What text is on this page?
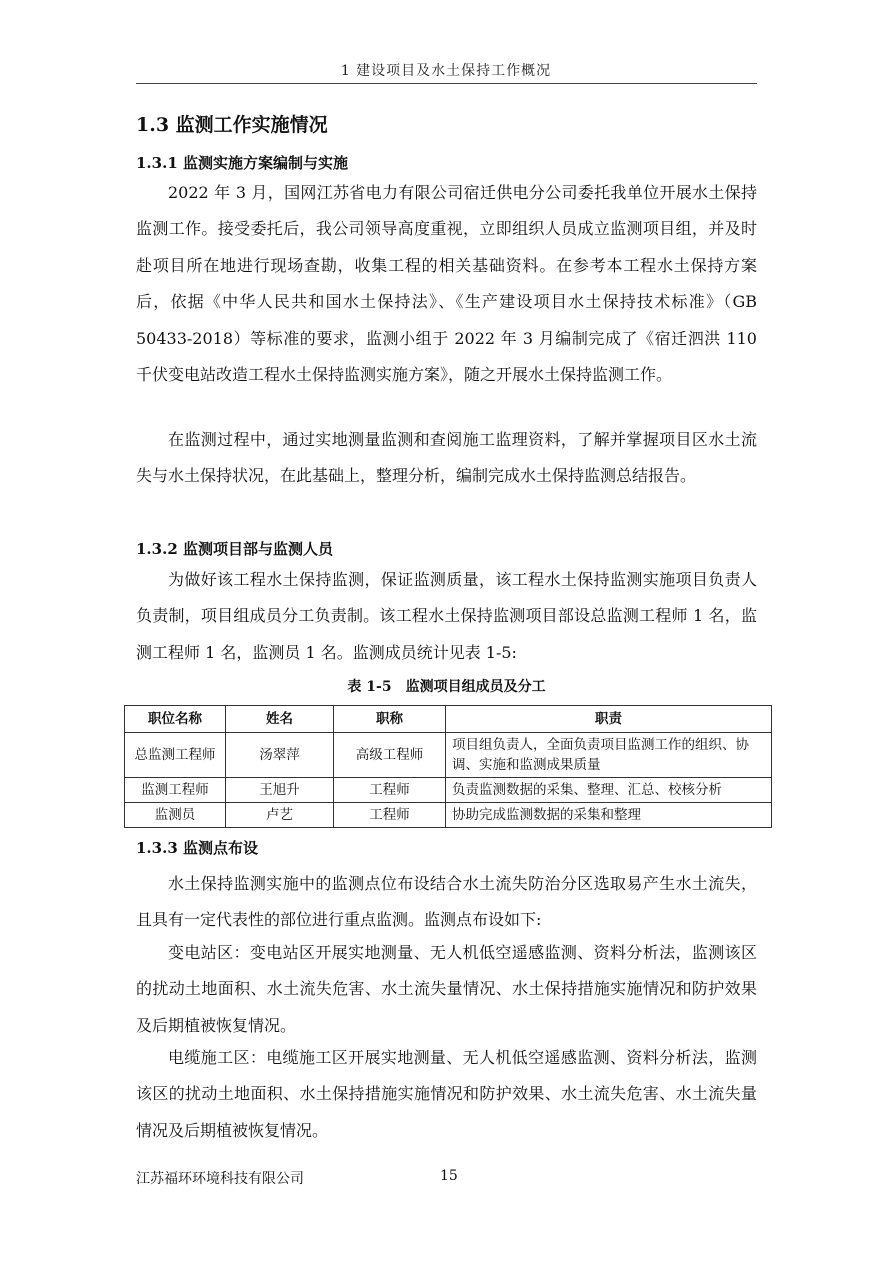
1 建设项目及水土保持工作概况
1.3 监测工作实施情况
1.3.1 监测实施方案编制与实施

2022 年 3 月，国网江苏省电力有限公司宿迁供电分公司委托我单位开展水土保持监测工作。接受委托后，我公司领导高度重视，立即组织人员成立监测项目组，并及时赴项目所在地进行现场查勘，收集工程的相关基础资料。在参考本工程水土保持方案后，依据《中华人民共和国水土保持法》、《生产建设项目水土保持技术标准》（GB 50433-2018）等标准的要求，监测小组于 2022 年 3 月编制完成了《宿迁泗洪 110 千伏变电站改造工程水土保持监测实施方案》，随之开展水土保持监测工作。

在监测过程中，通过实地测量监测和查阅施工监理资料，了解并掌握项目区水土流失与水土保持状况，在此基础上，整理分析，编制完成水土保持监测总结报告。

1.3.2 监测项目部与监测人员

为做好该工程水土保持监测，保证监测质量，该工程水土保持监测实施项目负责人负责制，项目组成员分工负责制。该工程水土保持监测项目部设总监测工程师 1 名，监测工程师 1 名，监测员 1 名。监测成员统计见表 1-5:

表 1-5　监测项目组成员及分工
职位名称	姓名	职称	职责
总监测工程师	汤翠萍	高级工程师	项目组负责人，全面负责项目监测工作的组织、协调、实施和监测成果质量
监测工程师	王旭升	工程师	负责监测数据的采集、整理、汇总、校核分析
监测员	卢艺	工程师	协助完成监测数据的采集和整理
1.3.3 监测点布设

水土保持监测实施中的监测点位布设结合水土流失防治分区选取易产生水土流失，且具有一定代表性的部位进行重点监测。监测点布设如下:

变电站区：变电站区开展实地测量、无人机低空遥感监测、资料分析法，监测该区的扰动土地面积、水土流失危害、水土流失量情况、水土保持措施实施情况和防护效果及后期植被恢复情况。

电缆施工区：电缆施工区开展实地测量、无人机低空遥感监测、资料分析法，监测该区的扰动土地面积、水土保持措施实施情况和防护效果、水土流失危害、水土流失量情况及后期植被恢复情况。

江苏福环环境科技有限公司	15
